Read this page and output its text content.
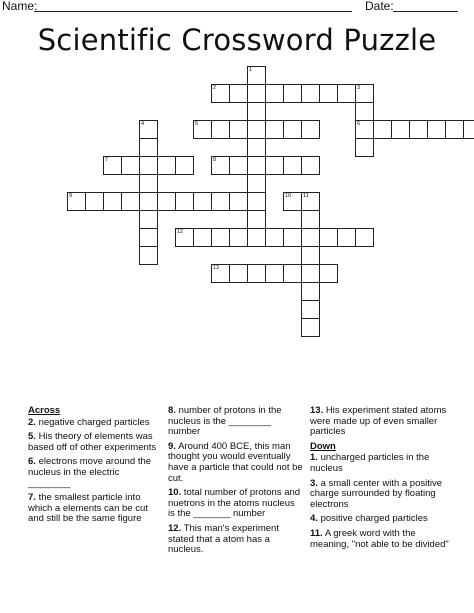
Name:	Date:
Scientific Crossword Puzzle
1
2	3
6
4	5
7	8
9	10 11
12
13
Across
2. negative charged particles
5. His theory of elements was based off of other experiments
6. electrons move around the nucleus in the electric ________
7. the smallest particle into which a elements can be cut and still be the same figure
8. number of protons in the nucleus is the ________ number
9. Around 400 BCE, this man thought you would eventually have a particle that could not be cut.
10. total number of protons and nuetrons in the atoms nucleus is the _______ number
12. This man's experiment stated that a atom has a nucleus.
13. His experiment stated atoms were made up of even smaller particles
Down
1. uncharged particles in the nucleus
3. a small center with a positive charge surrounded by floating electrons
4. positive charged particles
11. A greek word with the meaning, "not able to be divided"
